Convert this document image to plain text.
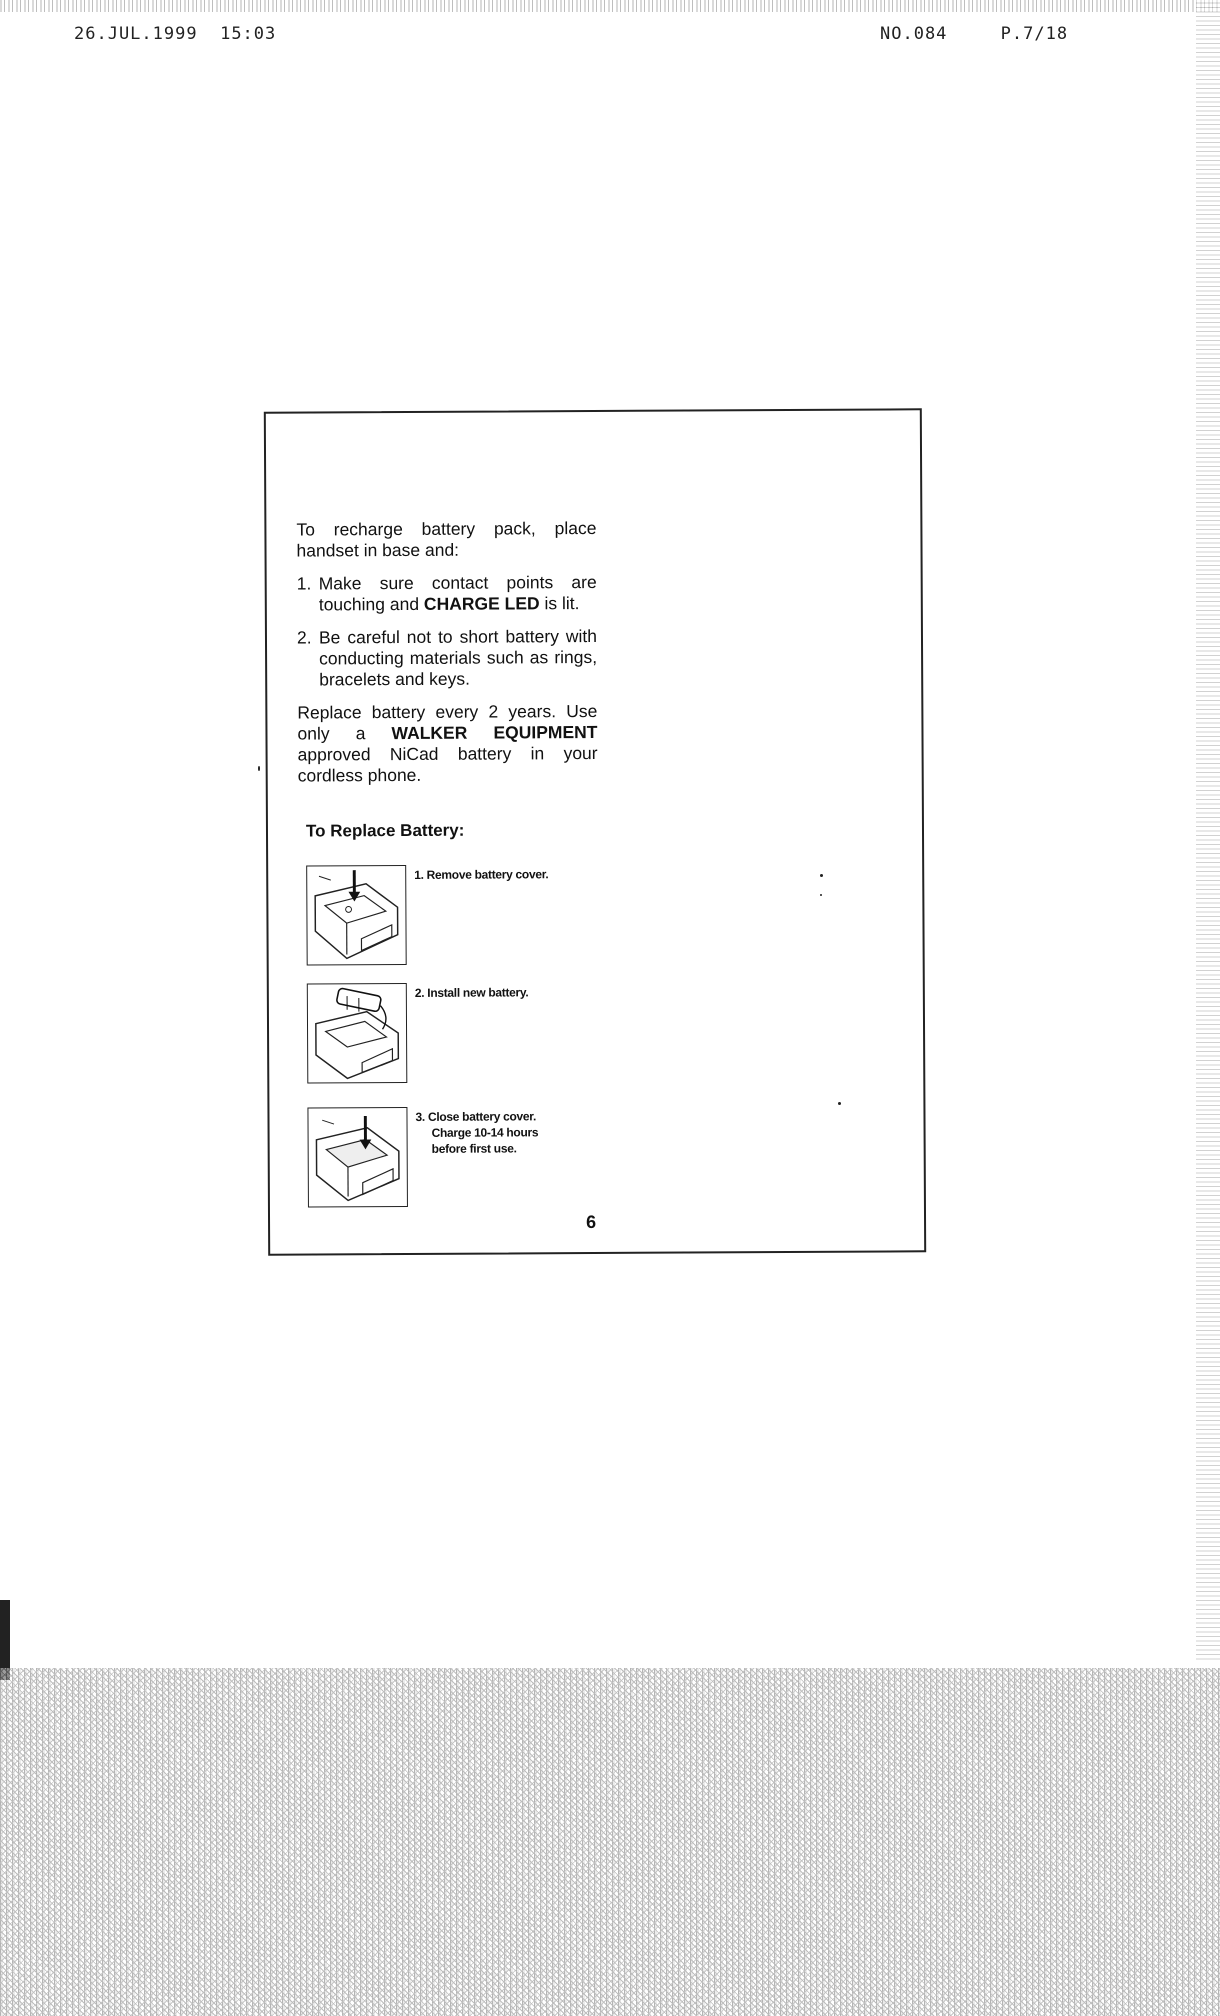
26.JUL.1999 15:03	NO.084	P.7/18

To recharge battery pack, place handset in base and:

1. Make sure contact points are touching and CHARGE LED is lit.
2. Be careful not to short battery with conducting materials such as rings, bracelets and keys.

Replace battery every 2 years. Use only a WALKER EQUIPMENT approved NiCad battery in your cordless phone.

To Replace Battery:
1. Remove battery cover.
2. Install new battery.
3. Close battery cover.
Charge 10-14 hours
before first use.
6
